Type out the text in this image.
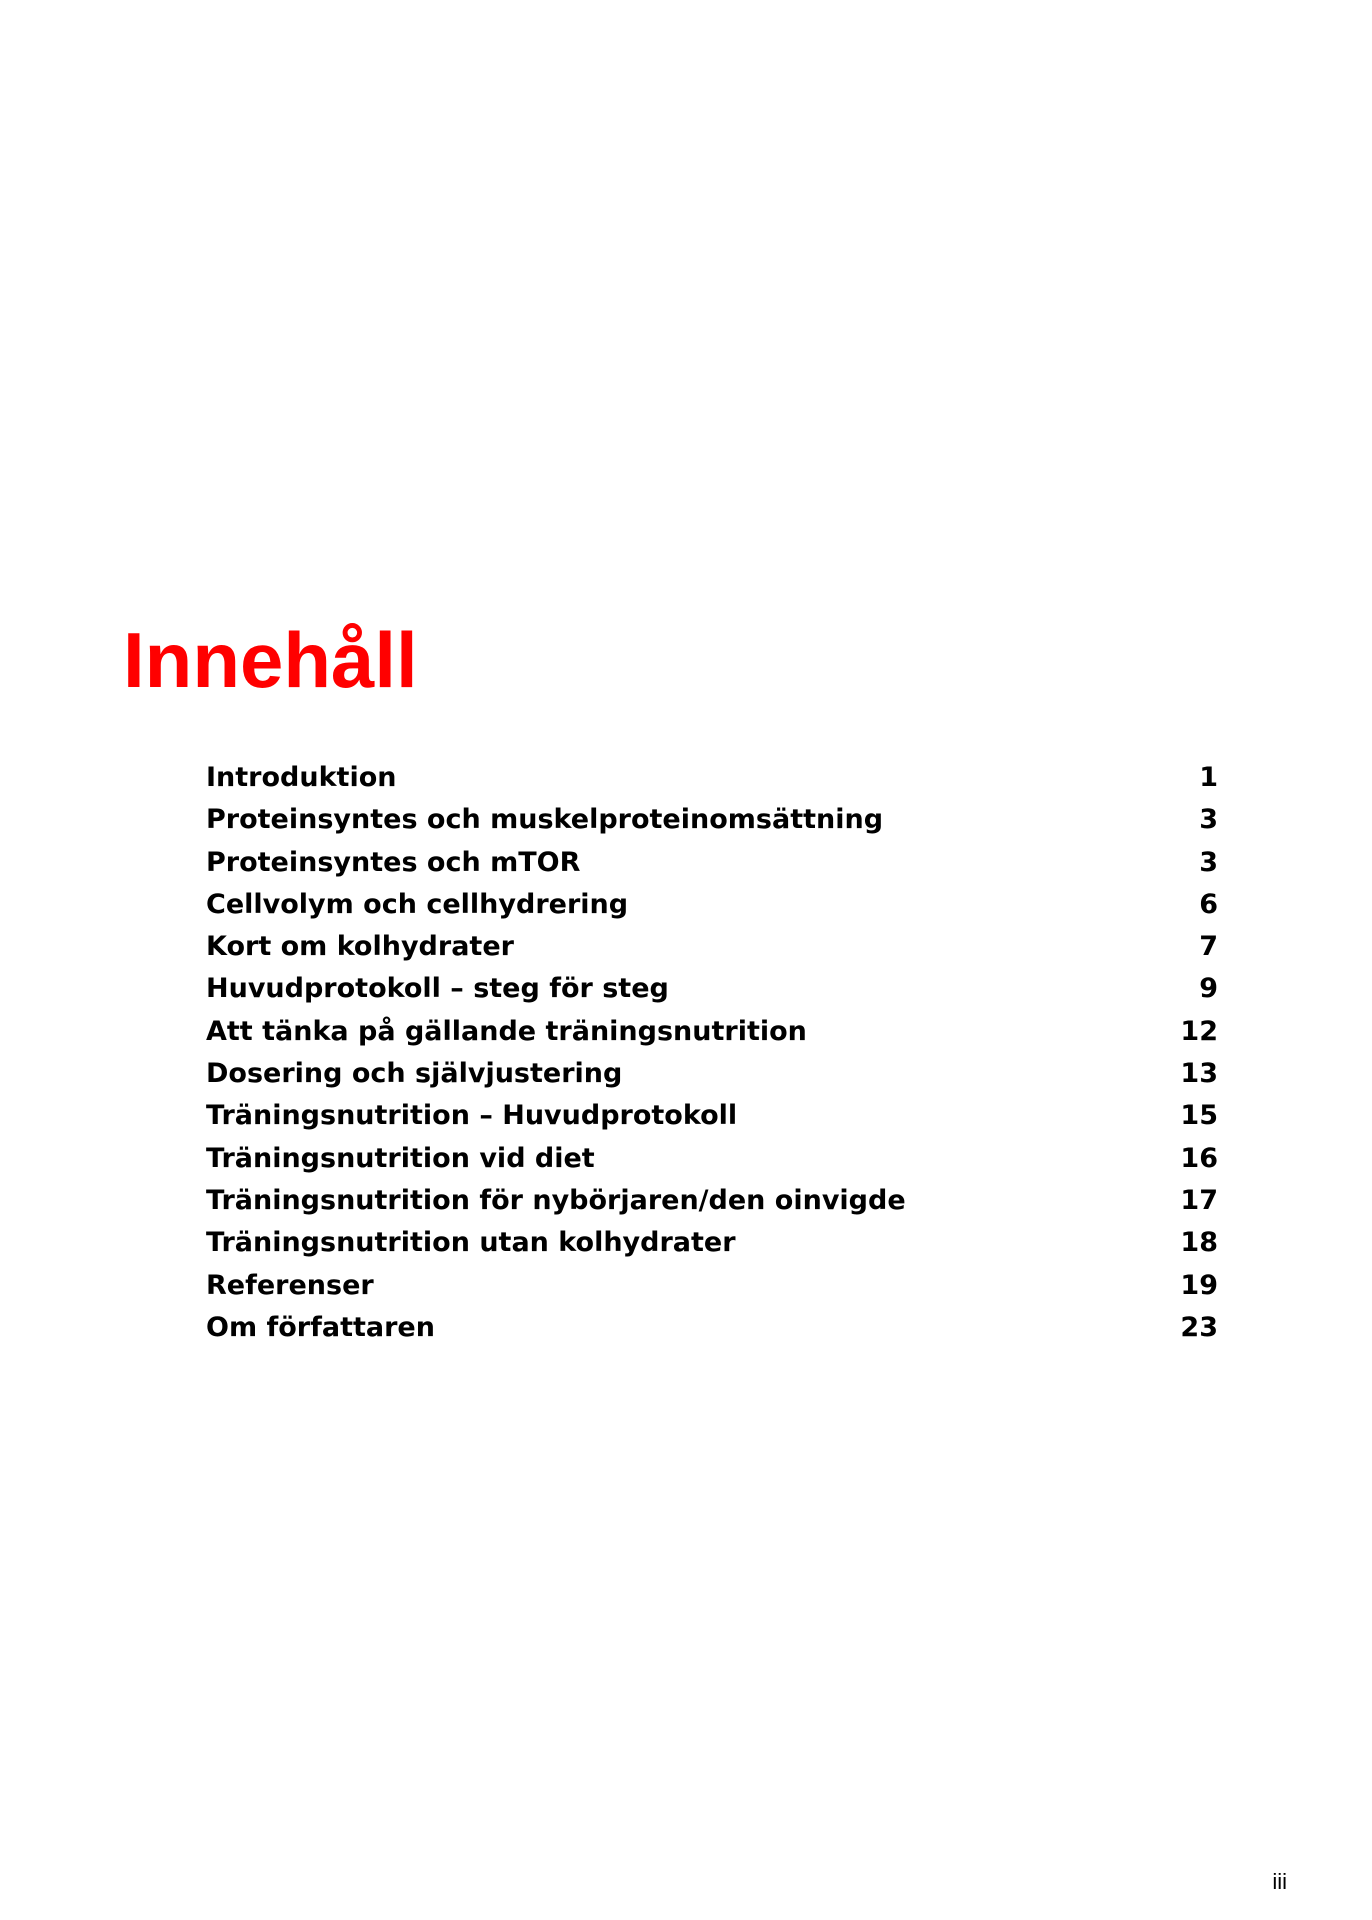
Innehåll
Introduktion	1
Proteinsyntes och muskelproteinomsättning	3
Proteinsyntes och mTOR	3
Cellvolym och cellhydrering	6
Kort om kolhydrater	7
Huvudprotokoll – steg för steg	9
Att tänka på gällande träningsnutrition	12
Dosering och självjustering	13
Träningsnutrition – Huvudprotokoll	15
Träningsnutrition vid diet	16
Träningsnutrition för nybörjaren/den oinvigde	17
Träningsnutrition utan kolhydrater	18
Referenser	19
Om författaren	23
iii
